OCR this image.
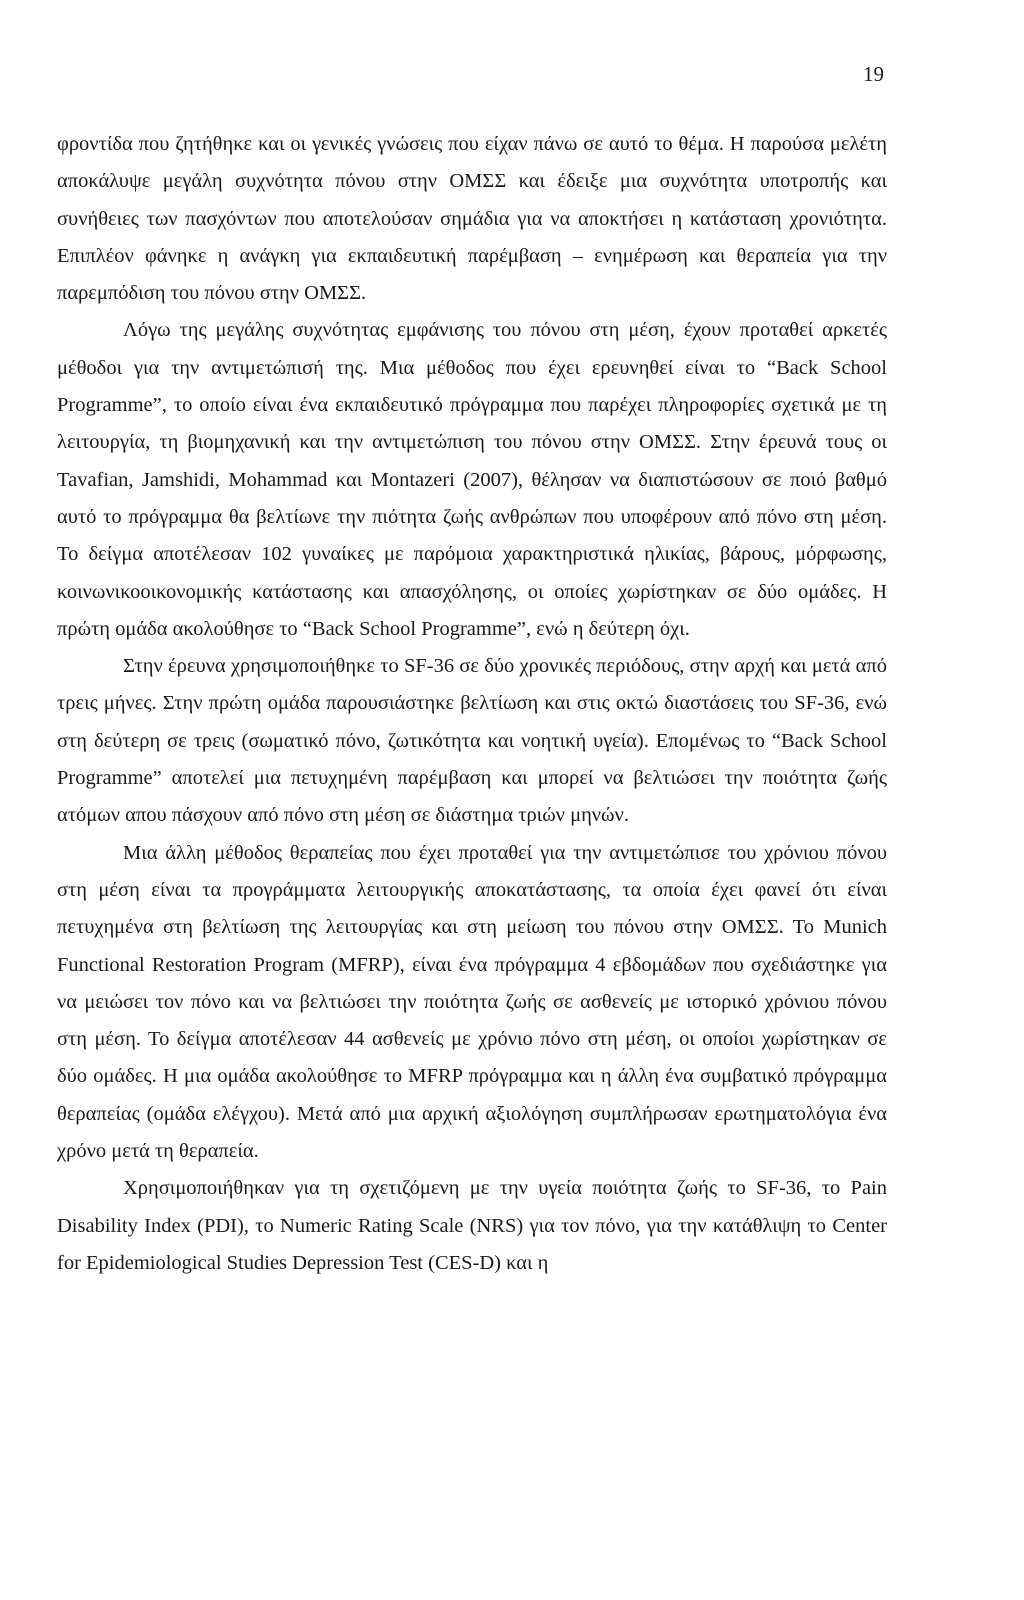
19

φροντίδα που ζητήθηκε και οι γενικές γνώσεις που είχαν πάνω σε αυτό το θέμα. Η παρούσα μελέτη αποκάλυψε μεγάλη συχνότητα πόνου στην ΟΜΣΣ και έδειξε μια συχνότητα υποτροπής και συνήθειες των πασχόντων που αποτελούσαν σημάδια για να αποκτήσει η κατάσταση χρονιότητα. Επιπλέον φάνηκε η ανάγκη για εκπαιδευτική παρέμβαση – ενημέρωση και θεραπεία για την παρεμπόδιση του πόνου στην ΟΜΣΣ.

Λόγω της μεγάλης συχνότητας εμφάνισης του πόνου στη μέση, έχουν προταθεί αρκετές μέθοδοι για την αντιμετώπισή της. Μια μέθοδος που έχει ερευνηθεί είναι το “Back School Programme”, το οποίο είναι ένα εκπαιδευτικό πρόγραμμα που παρέχει πληροφορίες σχετικά με τη λειτουργία, τη βιομηχανική και την αντιμετώπιση του πόνου στην ΟΜΣΣ. Στην έρευνά τους οι Tavafian, Jamshidi, Mohammad και Montazeri (2007), θέλησαν να διαπιστώσουν σε ποιό βαθμό αυτό το πρόγραμμα θα βελτίωνε την πιότητα ζωής ανθρώπων που υποφέρουν από πόνο στη μέση. Το δείγμα αποτέλεσαν 102 γυναίκες με παρόμοια χαρακτηριστικά ηλικίας, βάρους, μόρφωσης, κοινωνικοοικονομικής κατάστασης και απασχόλησης, οι οποίες χωρίστηκαν σε δύο ομάδες. Η πρώτη ομάδα ακολούθησε το “Back School Programme”, ενώ η δεύτερη όχι.

Στην έρευνα χρησιμοποιήθηκε το SF-36 σε δύο χρονικές περιόδους, στην αρχή και μετά από τρεις μήνες. Στην πρώτη ομάδα παρουσιάστηκε βελτίωση και στις οκτώ διαστάσεις του SF-36, ενώ στη δεύτερη σε τρεις (σωματικό πόνο, ζωτικότητα και νοητική υγεία). Επομένως το “Back School Programme” αποτελεί μια πετυχημένη παρέμβαση και μπορεί να βελτιώσει την ποιότητα ζωής ατόμων απου πάσχουν από πόνο στη μέση σε διάστημα τριών μηνών.

Μια άλλη μέθοδος θεραπείας που έχει προταθεί για την αντιμετώπισε του χρόνιου πόνου στη μέση είναι τα προγράμματα λειτουργικής αποκατάστασης, τα οποία έχει φανεί ότι είναι πετυχημένα στη βελτίωση της λειτουργίας και στη μείωση του πόνου στην ΟΜΣΣ. Το Munich Functional Restoration Program (MFRP), είναι ένα πρόγραμμα 4 εβδομάδων που σχεδιάστηκε για να μειώσει τον πόνο και να βελτιώσει την ποιότητα ζωής σε ασθενείς με ιστορικό χρόνιου πόνου στη μέση. Το δείγμα αποτέλεσαν 44 ασθενείς με χρόνιο πόνο στη μέση, οι οποίοι χωρίστηκαν σε δύο ομάδες. Η μια ομάδα ακολούθησε το MFRP πρόγραμμα και η άλλη ένα συμβατικό πρόγραμμα θεραπείας (ομάδα ελέγχου). Μετά από μια αρχική αξιολόγηση συμπλήρωσαν ερωτηματολόγια ένα χρόνο μετά τη θεραπεία.

Χρησιμοποιήθηκαν για τη σχετιζόμενη με την υγεία ποιότητα ζωής το SF-36, το Pain Disability Index (PDI), το Numeric Rating Scale (NRS) για τον πόνο, για την κατάθλιψη το Center for Epidemiological Studies Depression Test (CES-D) και η
